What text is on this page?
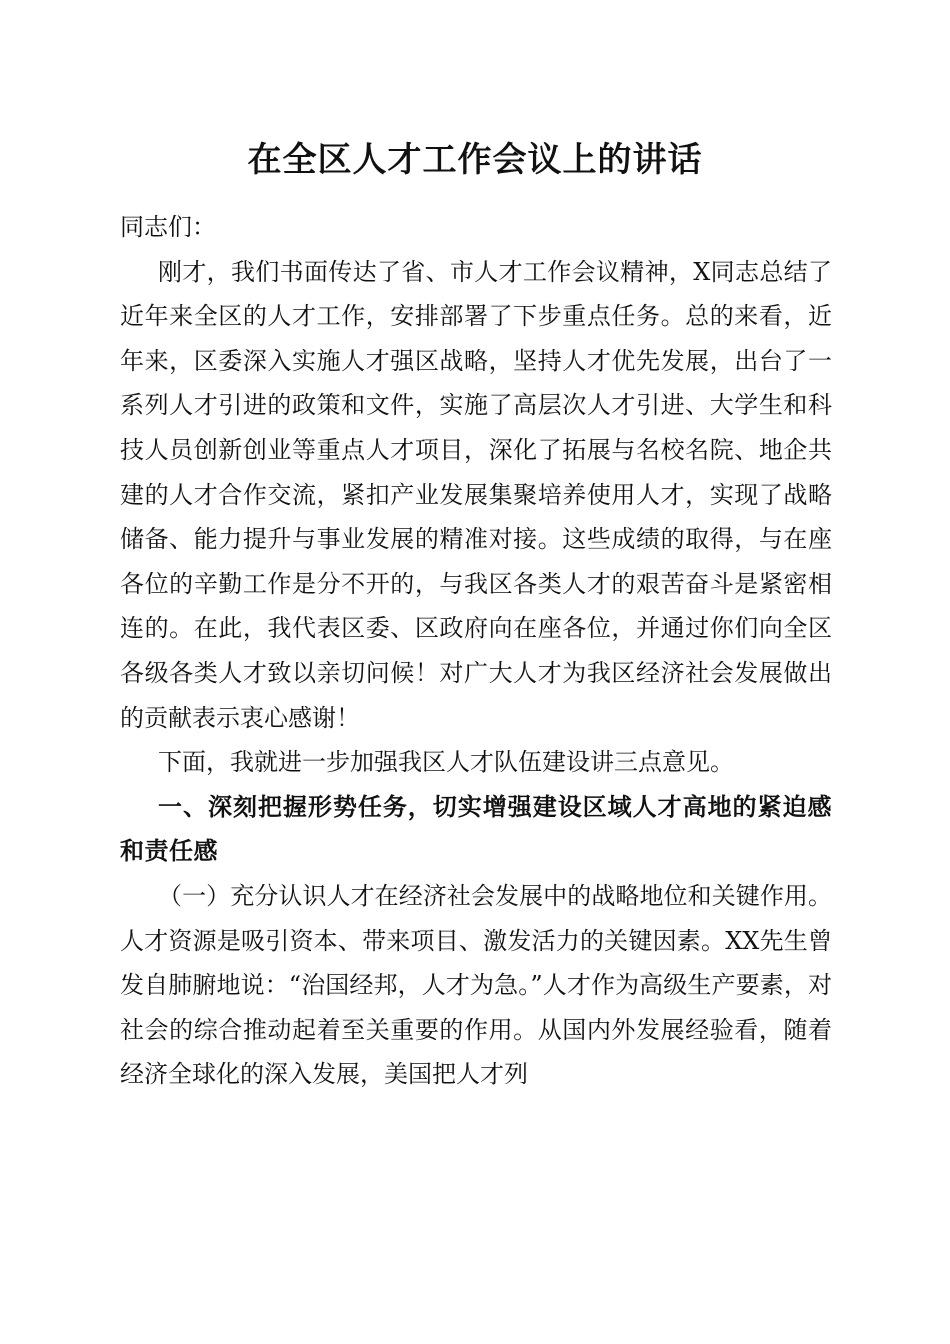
在全区人才工作会议上的讲话

同志们：

刚才，我们书面传达了省、市人才工作会议精神，X同志总结了近年来全区的人才工作，安排部署了下步重点任务。总的来看，近年来，区委深入实施人才强区战略，坚持人才优先发展，出台了一系列人才引进的政策和文件，实施了高层次人才引进、大学生和科技人员创新创业等重点人才项目，深化了拓展与名校名院、地企共建的人才合作交流，紧扣产业发展集聚培养使用人才，实现了战略储备、能力提升与事业发展的精准对接。这些成绩的取得，与在座各位的辛勤工作是分不开的，与我区各类人才的艰苦奋斗是紧密相连的。在此，我代表区委、区政府向在座各位，并通过你们向全区各级各类人才致以亲切问候！对广大人才为我区经济社会发展做出的贡献表示衷心感谢！

下面，我就进一步加强我区人才队伍建设讲三点意见。

一、深刻把握形势任务，切实增强建设区域人才高地的紧迫感和责任感

（一）充分认识人才在经济社会发展中的战略地位和关键作用。人才资源是吸引资本、带来项目、激发活力的关键因素。XX先生曾发自肺腑地说：“治国经邦，人才为急。”人才作为高级生产要素，对社会的综合推动起着至关重要的作用。从国内外发展经验看，随着经济全球化的深入发展，美国把人才列
